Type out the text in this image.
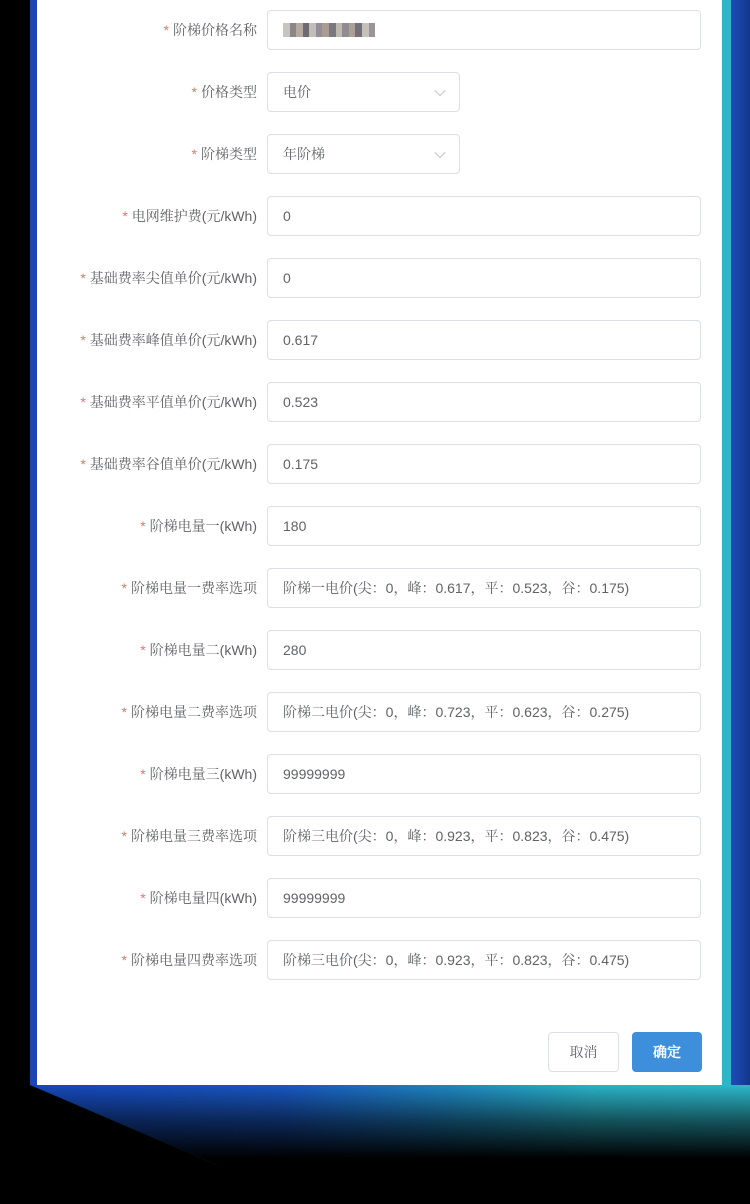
* 阶梯价格名称
* 价格类型 电价
* 阶梯类型 年阶梯
* 电网维护费(元/kWh) 0
* 基础费率尖值单价(元/kWh) 0
* 基础费率峰值单价(元/kWh) 0.617
* 基础费率平值单价(元/kWh) 0.523
* 基础费率谷值单价(元/kWh) 0.175
* 阶梯电量一(kWh) 180
* 阶梯电量一费率选项 阶梯一电价(尖：0，峰：0.617，平：0.523，谷：0.175)
* 阶梯电量二(kWh) 280
* 阶梯电量二费率选项 阶梯二电价(尖：0，峰：0.723，平：0.623，谷：0.275)
* 阶梯电量三(kWh) 99999999
* 阶梯电量三费率选项 阶梯三电价(尖：0，峰：0.923，平：0.823，谷：0.475)
* 阶梯电量四(kWh) 99999999
* 阶梯电量四费率选项 阶梯三电价(尖：0，峰：0.923，平：0.823，谷：0.475)
取消	确定
